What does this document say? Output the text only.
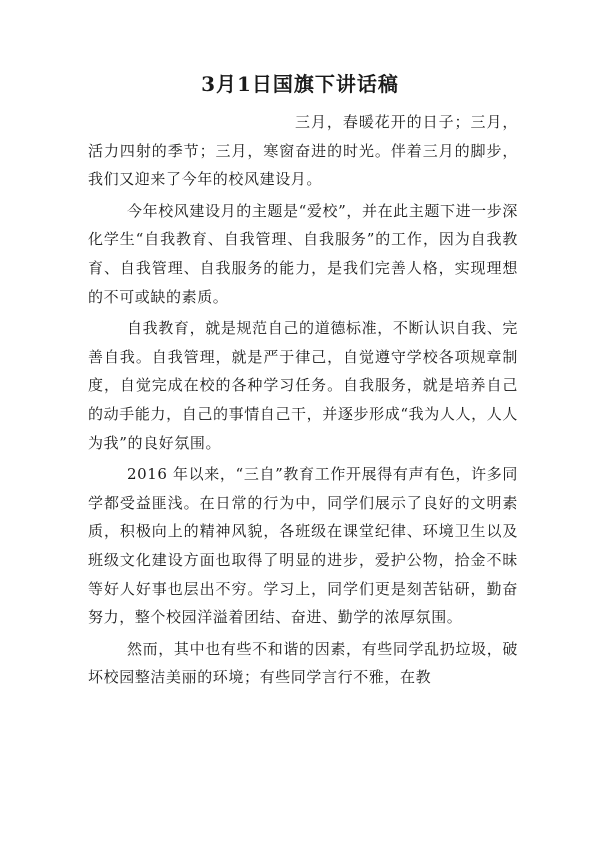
3月1日国旗下讲话稿

三月，春暖花开的日子；三月，活力四射的季节；三月，寒窗奋进的时光。伴着三月的脚步，我们又迎来了今年的校风建设月。

今年校风建设月的主题是“爱校”，并在此主题下进一步深化学生“自我教育、自我管理、自我服务”的工作，因为自我教育、自我管理、自我服务的能力，是我们完善人格，实现理想的不可或缺的素质。

自我教育，就是规范自己的道德标准，不断认识自我、完善自我。自我管理，就是严于律己，自觉遵守学校各项规章制度，自觉完成在校的各种学习任务。自我服务，就是培养自己的动手能力，自己的事情自己干，并逐步形成“我为人人，人人为我”的良好氛围。

2016 年以来，“三自”教育工作开展得有声有色，许多同学都受益匪浅。在日常的行为中，同学们展示了良好的文明素质，积极向上的精神风貌，各班级在课堂纪律、环境卫生以及班级文化建设方面也取得了明显的进步，爱护公物，拾金不昧等好人好事也层出不穷。学习上，同学们更是刻苦钻研，勤奋努力，整个校园洋溢着团结、奋进、勤学的浓厚氛围。

然而，其中也有些不和谐的因素，有些同学乱扔垃圾，破坏校园整洁美丽的环境；有些同学言行不雅，在教
